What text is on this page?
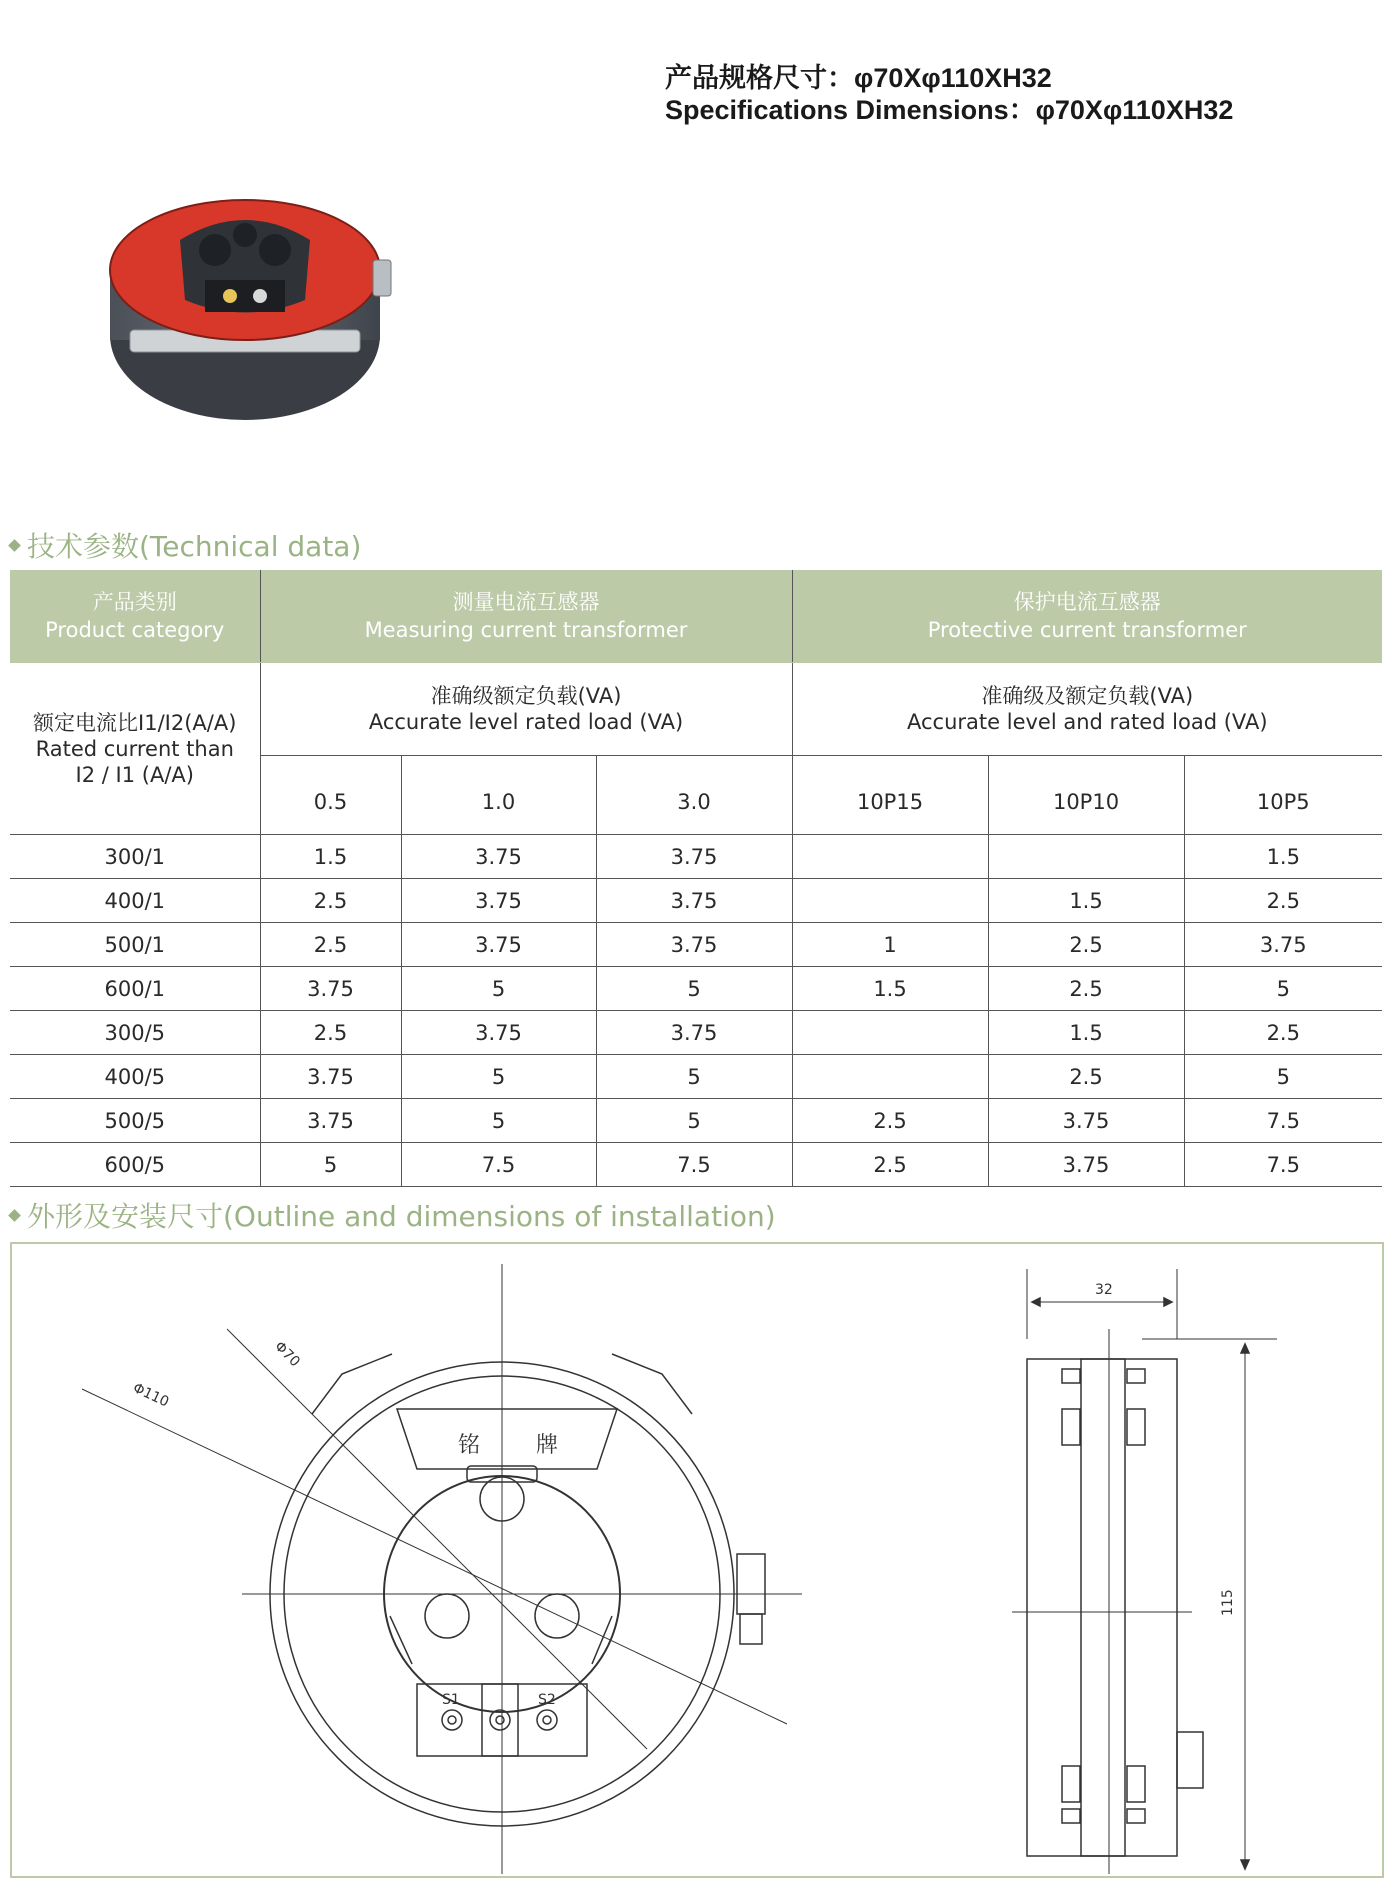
产品规格尺寸：φ70Xφ110XH32
Specifications Dimensions：φ70Xφ110XH32
技术参数(Technical data)
产品类别
Product category	测量电流互感器
Measuring current transformer			保护电流互感器
Protective current transformer		
额定电流比I1/I2(A/A)
Rated current than
I2 / I1 (A/A)	准确级额定负载(VA)
Accurate level rated load (VA)			准确级及额定负载(VA)
Accurate level and rated load (VA)		
	0.5	1.0	3.0	10P15	10P10	10P5
300/1	1.5	3.75	3.75			1.5
400/1	2.5	3.75	3.75		1.5	2.5
500/1	2.5	3.75	3.75	1	2.5	3.75
600/1	3.75	5	5	1.5	2.5	5
300/5	2.5	3.75	3.75		1.5	2.5
400/5	3.75	5	5		2.5	5
500/5	3.75	5	5	2.5	3.75	7.5
600/5	5	7.5	7.5	2.5	3.75	7.5
外形及安装尺寸(Outline and dimensions of installation)
Φ70
Φ110
铭	牌
S1	S2
32
115
